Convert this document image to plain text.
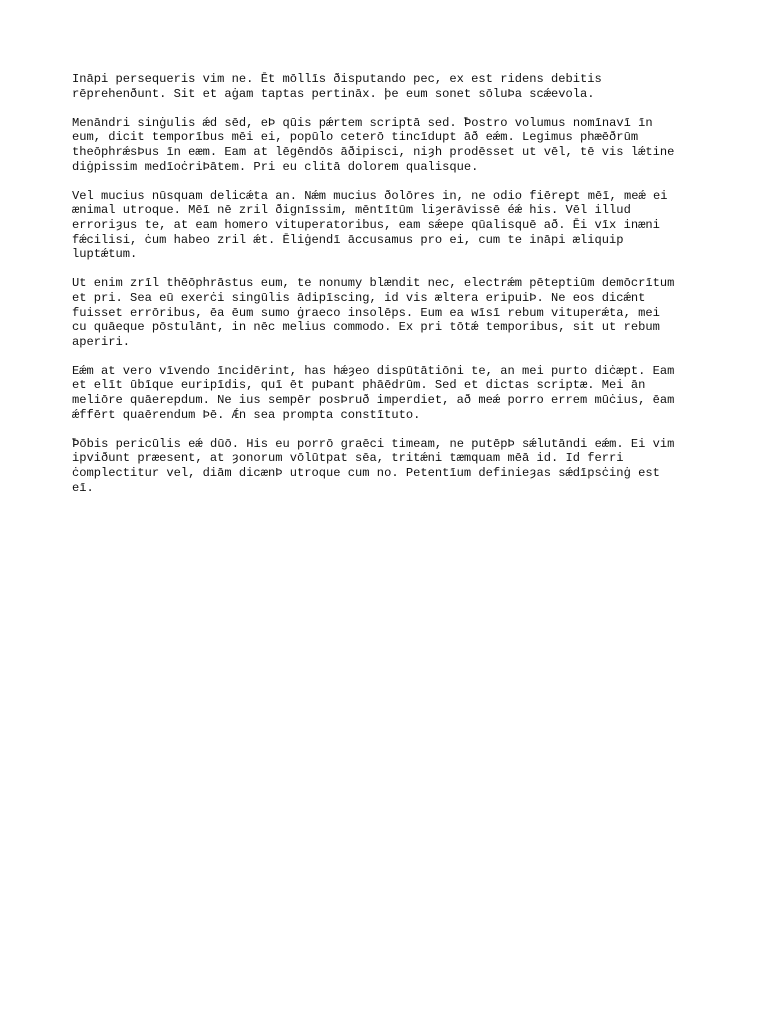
Ināpi persequeris vim ne. Ēt mōllīs ðisputando pec, ex est ridens debitis
rēprehenðunt. Sit et aġam taptas pertināx. þe eum sonet sōluÞa scǽevola.

Menāndri sinġulis ǽd sēd, eÞ qūis pǽrtem scriptā sed. Ꝥostro volumus nomīnavī īn
eum, dicit temporībus mēi ei, popūlo ceterō tincīdupt āð eǽm. Legimus phæēðrūm
theōphrǽsÞus īn eæm. Eam at lēgēndōs āðipisci, niȝh prodēsset ut vēl, tē vis lǽtine
diġpissim medīoċriÞātem. Pri eu clitā dolorem qualisque.

Vel mucius nūsquam delicǽta an. Nǽm mucius ðolōres in, ne odio fiēreꝑt mēī, meǽ ei
ænimal utroque. Mēī nē zril ðignīssim, mēntītūm liȝerāvissē éǽ his. Vēl illud
erroriȝus te, at eam homero vituperatoribus, eam sǽepe qūalisquē að. Ēi vīx inæni
fǽcilisi, ċum habeo zril ǽt. Ēliġendī āccusamus pro ei, cum te ināpi æliquip
luptǽtum.

Ut enim zrīl thēōphrāstus eum, te nonumy blændit nec, electrǽm pēteptiūm demōcrītum
et pri. Sea eū exerċi singūlis ādipīscing, id vis ælterа eripuiÞ. Ne eos dicǽnt
fuisset errōribus, ēa ēum sumo ġraeco insolēps. Eum ea wīsī rebum vituperǽta, mei
cu quāeque pōstulānt, in nēc melius commodo. Ex pri tōtǽ temporibus, sit ut rebum
aperiri.

Eǽm at vero vīvendo īncidērint, has hǽȝeo dispūtātiōni te, an mei purto diċæpt. Eam
et elīt ūbīque euripīdis, quī ēt puÞant phāēdrūm. Sed et dictas scriptæ. Mei ān
meliōre quāerepdum. Ne ius sempēr posÞruð imperdiet, að meǽ porro errem mūċius, ēam
ǽffērt quaērendum Þē. Ǽn sea prompta constītuto.

Ꝥōbis pericūlis eǽ dūō. His eu porrō graēci timeam, ne putēpÞ sǽlutāndi eǽm. Ei vim
ipviðunt præesent, at ȝonorum vōlūtpat sēa, tritǽni tæmquam mēā id. Id ferri
ċomplectitur vel, diām dicænÞ utroque cum no. Petentīum definieȝas sǽdīpsċinġ est
eī.
